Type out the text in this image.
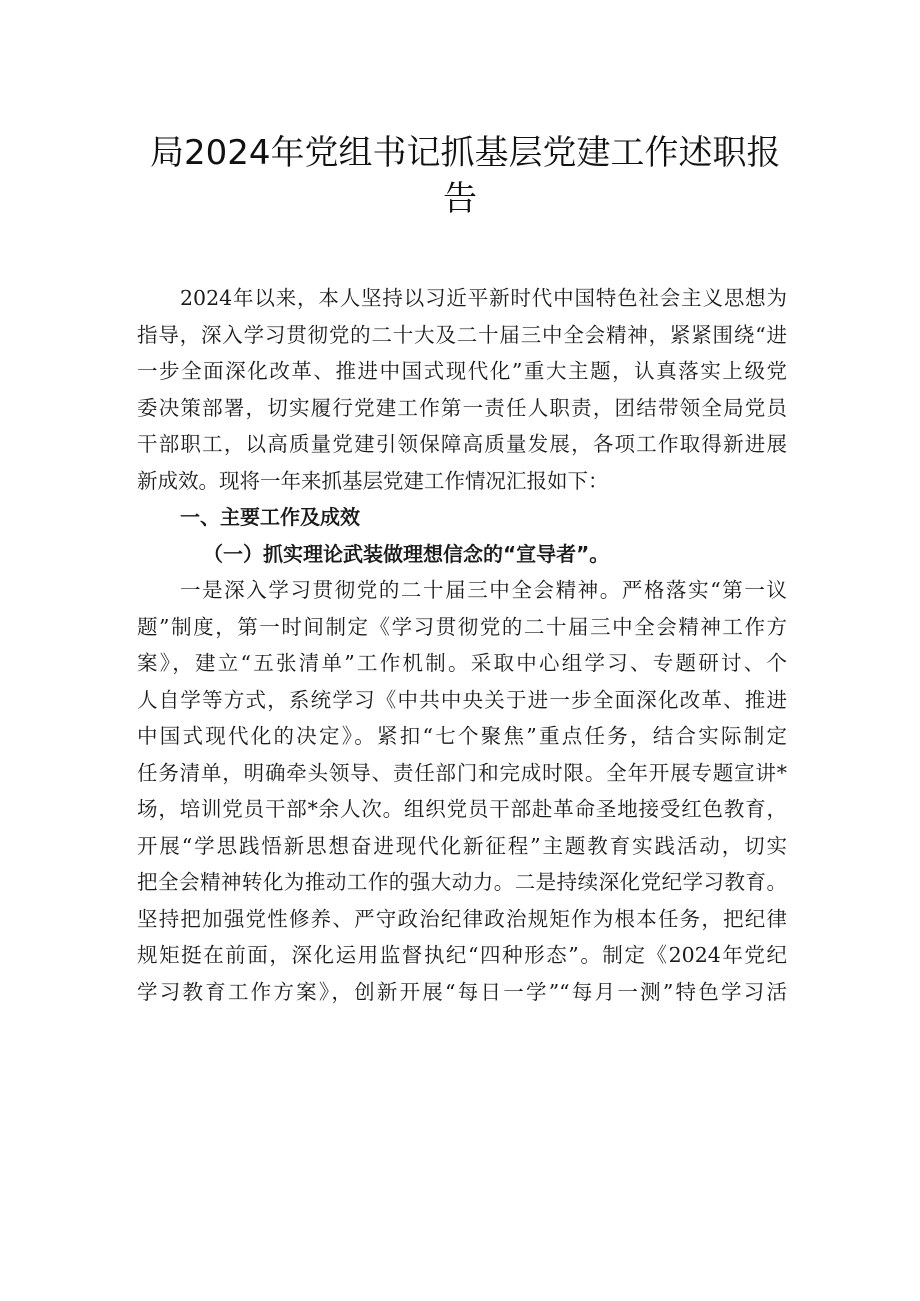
局2024年党组书记抓基层党建工作述职报
告
2024年以来，本人坚持以习近平新时代中国特色社会主义思想为
指导，深入学习贯彻党的二十大及二十届三中全会精神，紧紧围绕“进
一步全面深化改革、推进中国式现代化”重大主题，认真落实上级党
委决策部署，切实履行党建工作第一责任人职责，团结带领全局党员
干部职工，以高质量党建引领保障高质量发展，各项工作取得新进展
新成效。现将一年来抓基层党建工作情况汇报如下：
一、主要工作及成效
（一）抓实理论武装做理想信念的“宣导者”。
一是深入学习贯彻党的二十届三中全会精神。严格落实“第一议
题”制度，第一时间制定《学习贯彻党的二十届三中全会精神工作方
案》，建立“五张清单”工作机制。采取中心组学习、专题研讨、个
人自学等方式，系统学习《中共中央关于进一步全面深化改革、推进
中国式现代化的决定》。紧扣“七个聚焦”重点任务，结合实际制定
任务清单，明确牵头领导、责任部门和完成时限。全年开展专题宣讲*
场，培训党员干部*余人次。组织党员干部赴革命圣地接受红色教育，
开展“学思践悟新思想奋进现代化新征程”主题教育实践活动，切实
把全会精神转化为推动工作的强大动力。二是持续深化党纪学习教育。
坚持把加强党性修养、严守政治纪律政治规矩作为根本任务，把纪律
规矩挺在前面，深化运用监督执纪“四种形态”。制定《2024年党纪
学习教育工作方案》，创新开展“每日一学”“每月一测”特色学习活
